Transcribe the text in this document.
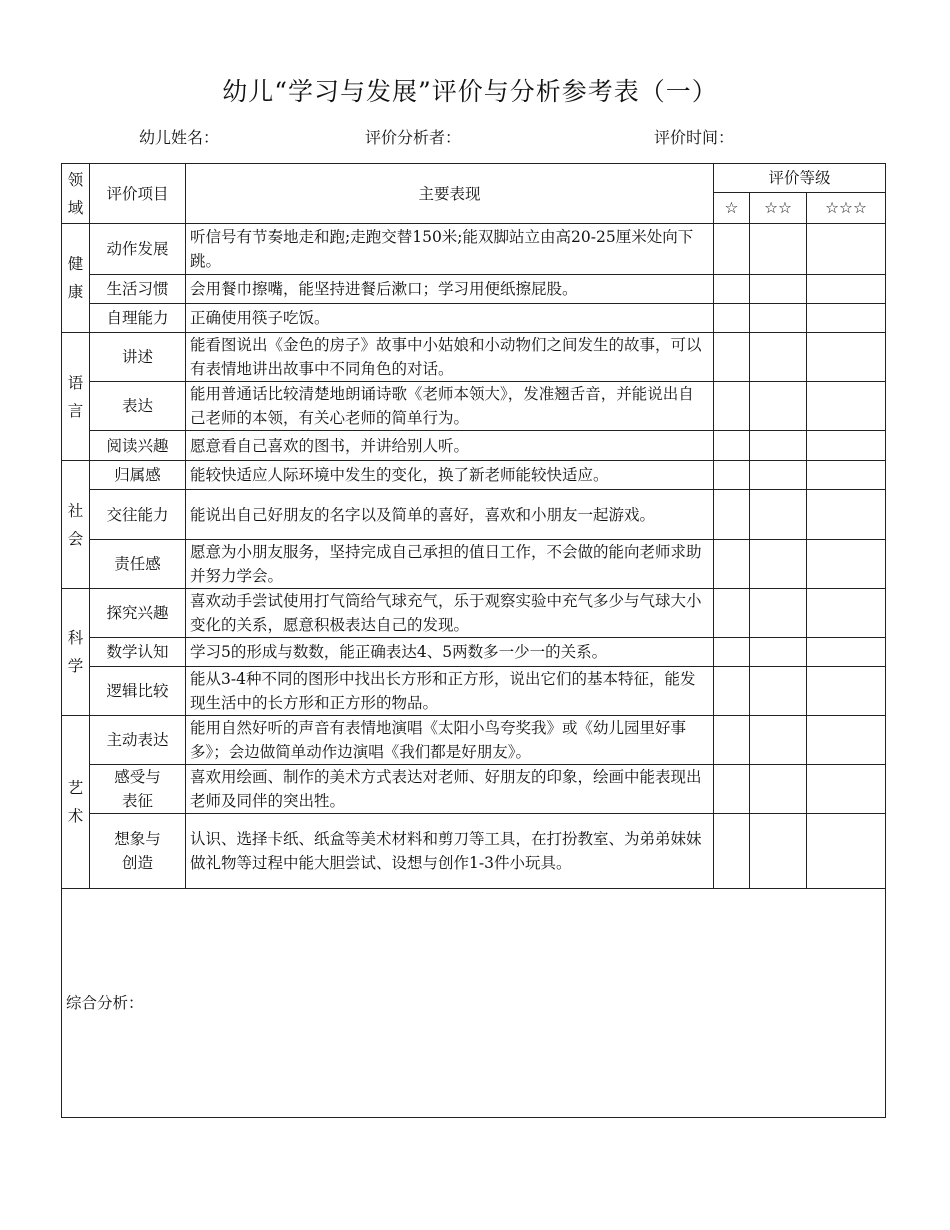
幼儿“学习与发展”评价与分析参考表（一）
幼儿姓名：	评价分析者：	评价时间：
领
域	评价项目	主要表现	评价等级		
			☆	☆☆	☆☆☆

健
康	动作发展	听信号有节奏地走和跑;走跑交替150米;能双脚站立由高20-25厘米处向下跳。			
	生活习惯	会用餐巾擦嘴，能坚持进餐后漱口；学习用便纸擦屁股。			
	自理能力	正确使用筷子吃饭。			

语
言	讲述	能看图说出《金色的房子》故事中小姑娘和小动物们之间发生的故事，可以有表情地讲出故事中不同角色的对话。			
	表达	能用普通话比较清楚地朗诵诗歌《老师本领大》，发准翘舌音，并能说出自己老师的本领，有关心老师的简单行为。			
	阅读兴趣	愿意看自己喜欢的图书，并讲给别人听。			

社
会	归属感	能较快适应人际环境中发生的变化，换了新老师能较快适应。			
	交往能力	能说出自己好朋友的名字以及简单的喜好，喜欢和小朋友一起游戏。			
	责任感	愿意为小朋友服务，坚持完成自己承担的值日工作，不会做的能向老师求助并努力学会。			

科
学	探究兴趣	喜欢动手尝试使用打气筒给气球充气，乐于观察实验中充气多少与气球大小变化的关系，愿意积极表达自己的发现。			
	数学认知	学习5的形成与数数，能正确表达4、5两数多一少一的关系。			
	逻辑比较	能从3-4种不同的图形中找出长方形和正方形，说出它们的基本特征，能发现生活中的长方形和正方形的物品。			

艺
术	主动表达	能用自然好听的声音有表情地演唱《太阳小鸟夸奖我》或《幼儿园里好事多》；会边做简单动作边演唱《我们都是好朋友》。			

	感受与
表征	喜欢用绘画、制作的美术方式表达对老师、好朋友的印象，绘画中能表现出老师及同伴的突出牲。			

	想象与
创造	认识、选择卡纸、纸盒等美术材料和剪刀等工具，在打扮教室、为弟弟妹妹做礼物等过程中能大胆尝试、设想与创作1-3件小玩具。			
综合分析：					
